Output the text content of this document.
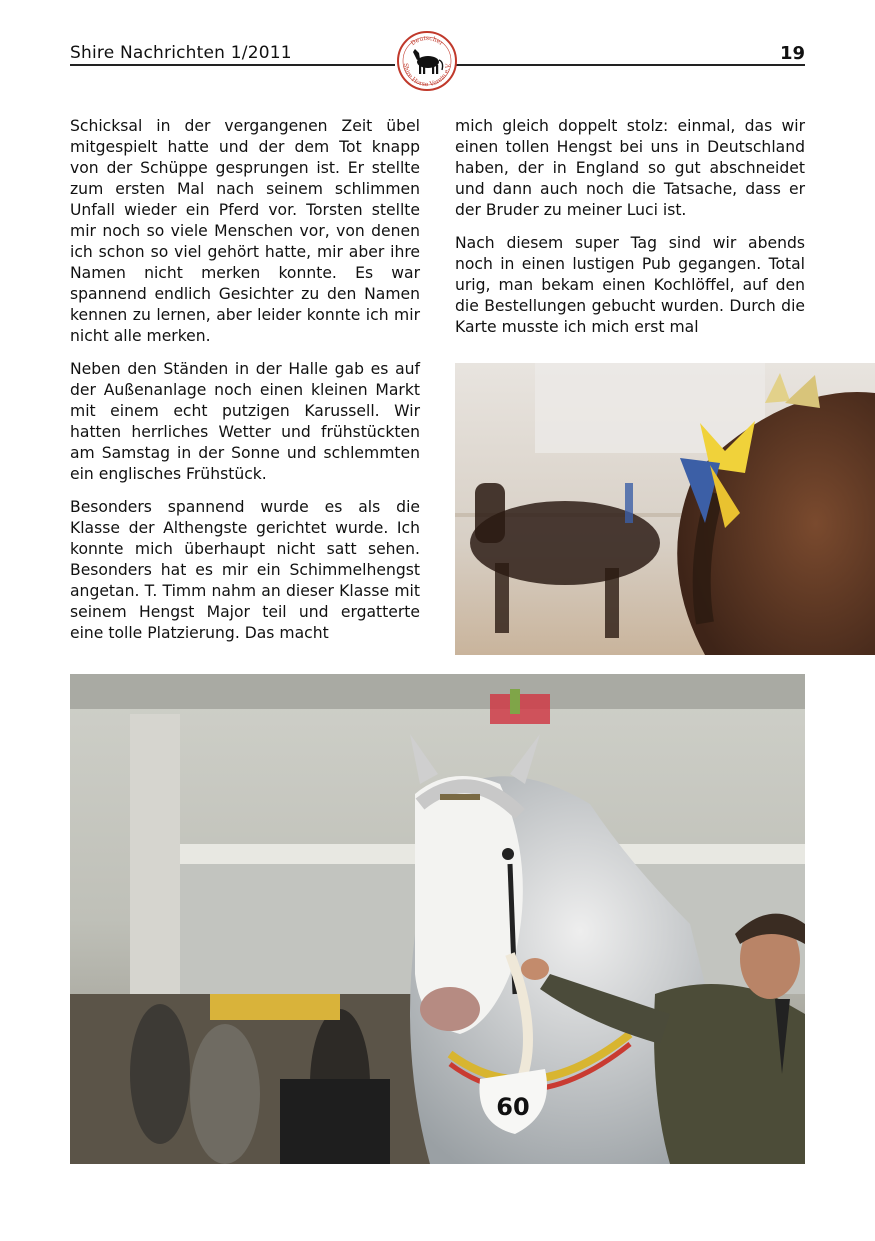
Shire Nachrichten 1/2011	19
Deutscher
Shire Horse Verein e.V.

Schicksal in der vergangenen Zeit übel mitgespielt hatte und der dem Tot knapp von der Schüppe gesprungen ist. Er stellte zum ersten Mal nach seinem schlimmen Unfall wieder ein Pferd vor. Torsten stellte mir noch so viele Menschen vor, von denen ich schon so viel gehört hatte, mir aber ihre Namen nicht merken konnte. Es war spannend endlich Gesichter zu den Namen kennen zu lernen, aber leider konnte ich mir nicht alle merken.

Neben den Ständen in der Halle gab es auf der Außenanlage noch einen kleinen Markt mit einem echt putzigen Karussell. Wir hatten herrliches Wetter und frühstückten am Samstag in der Sonne und schlemmten ein englisches Frühstück.

Besonders spannend wurde es als die Klasse der Althengste gerichtet wurde. Ich konnte mich überhaupt nicht satt sehen. Besonders hat es mir ein Schimmelhengst angetan. T. Timm nahm an dieser Klasse mit seinem Hengst Major teil und ergatterte eine tolle Platzierung. Das macht

mich gleich doppelt stolz: einmal, das wir einen tollen Hengst bei uns in Deutschland haben, der in England so gut abschneidet und dann auch noch die Tatsache, dass er der Bruder zu meiner Luci ist.

Nach diesem super Tag sind wir abends noch in einen lustigen Pub gegangen. Total urig, man bekam einen Kochlöffel, auf den die Bestellungen gebucht wurden. Durch die Karte musste ich mich erst mal

60
